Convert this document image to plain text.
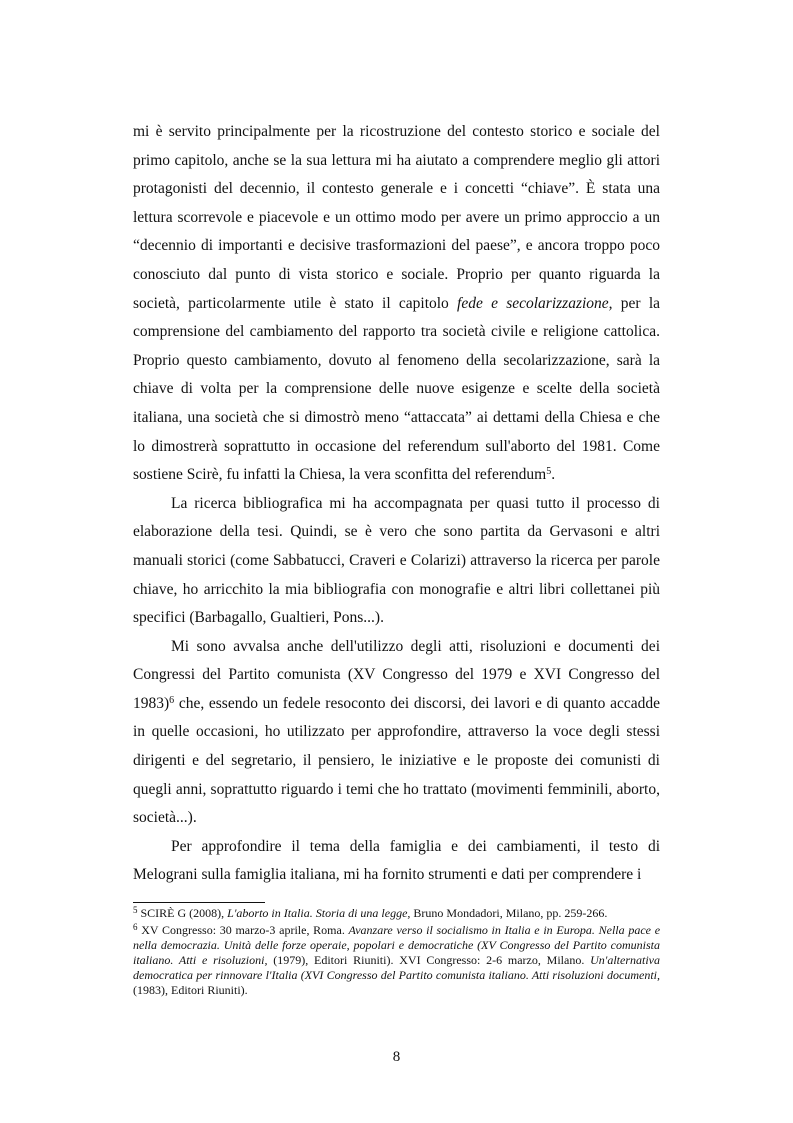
mi è servito principalmente per la ricostruzione del contesto storico e sociale del primo capitolo, anche se la sua lettura mi ha aiutato a comprendere meglio gli attori protagonisti del decennio, il contesto generale e i concetti “chiave”. È stata una lettura scorrevole e piacevole e un ottimo modo per avere un primo approccio a un “decennio di importanti e decisive trasformazioni del paese”, e ancora troppo poco conosciuto dal punto di vista storico e sociale. Proprio per quanto riguarda la società, particolarmente utile è stato il capitolo fede e secolarizzazione, per la comprensione del cambiamento del rapporto tra società civile e religione cattolica. Proprio questo cambiamento, dovuto al fenomeno della secolarizzazione, sarà la chiave di volta per la comprensione delle nuove esigenze e scelte della società italiana, una società che si dimostrò meno “attaccata” ai dettami della Chiesa e che lo dimostrerà soprattutto in occasione del referendum sull'aborto del 1981. Come sostiene Scirè, fu infatti la Chiesa, la vera sconfitta del referendum$^5$.

La ricerca bibliografica mi ha accompagnata per quasi tutto il processo di elaborazione della tesi. Quindi, se è vero che sono partita da Gervasoni e altri manuali storici (come Sabbatucci, Craveri e Colarizi) attraverso la ricerca per parole chiave, ho arricchito la mia bibliografia con monografie e altri libri collettanei più specifici (Barbagallo, Gualtieri, Pons...).

Mi sono avvalsa anche dell'utilizzo degli atti, risoluzioni e documenti dei Congressi del Partito comunista (XV Congresso del 1979 e XVI Congresso del 1983)$^6$ che, essendo un fedele resoconto dei discorsi, dei lavori e di quanto accadde in quelle occasioni, ho utilizzato per approfondire, attraverso la voce degli stessi dirigenti e del segretario, il pensiero, le iniziative e le proposte dei comunisti di quegli anni, soprattutto riguardo i temi che ho trattato (movimenti femminili, aborto, società...).

Per approfondire il tema della famiglia e dei cambiamenti, il testo di Melograni sulla famiglia italiana, mi ha fornito strumenti e dati per comprendere i

$^5$ SCIRÈ G (2008), L'aborto in Italia. Storia di una legge, Bruno Mondadori, Milano, pp. 259-266.
$^6$ XV Congresso: 30 marzo-3 aprile, Roma. Avanzare verso il socialismo in Italia e in Europa. Nella pace e nella democrazia. Unità delle forze operaie, popolari e democratiche (XV Congresso del Partito comunista italiano. Atti e risoluzioni, (1979), Editori Riuniti). XVI Congresso: 2-6 marzo, Milano. Un'alternativa democratica per rinnovare l'Italia (XVI Congresso del Partito comunista italiano. Atti risoluzioni documenti, (1983), Editori Riuniti).
8
